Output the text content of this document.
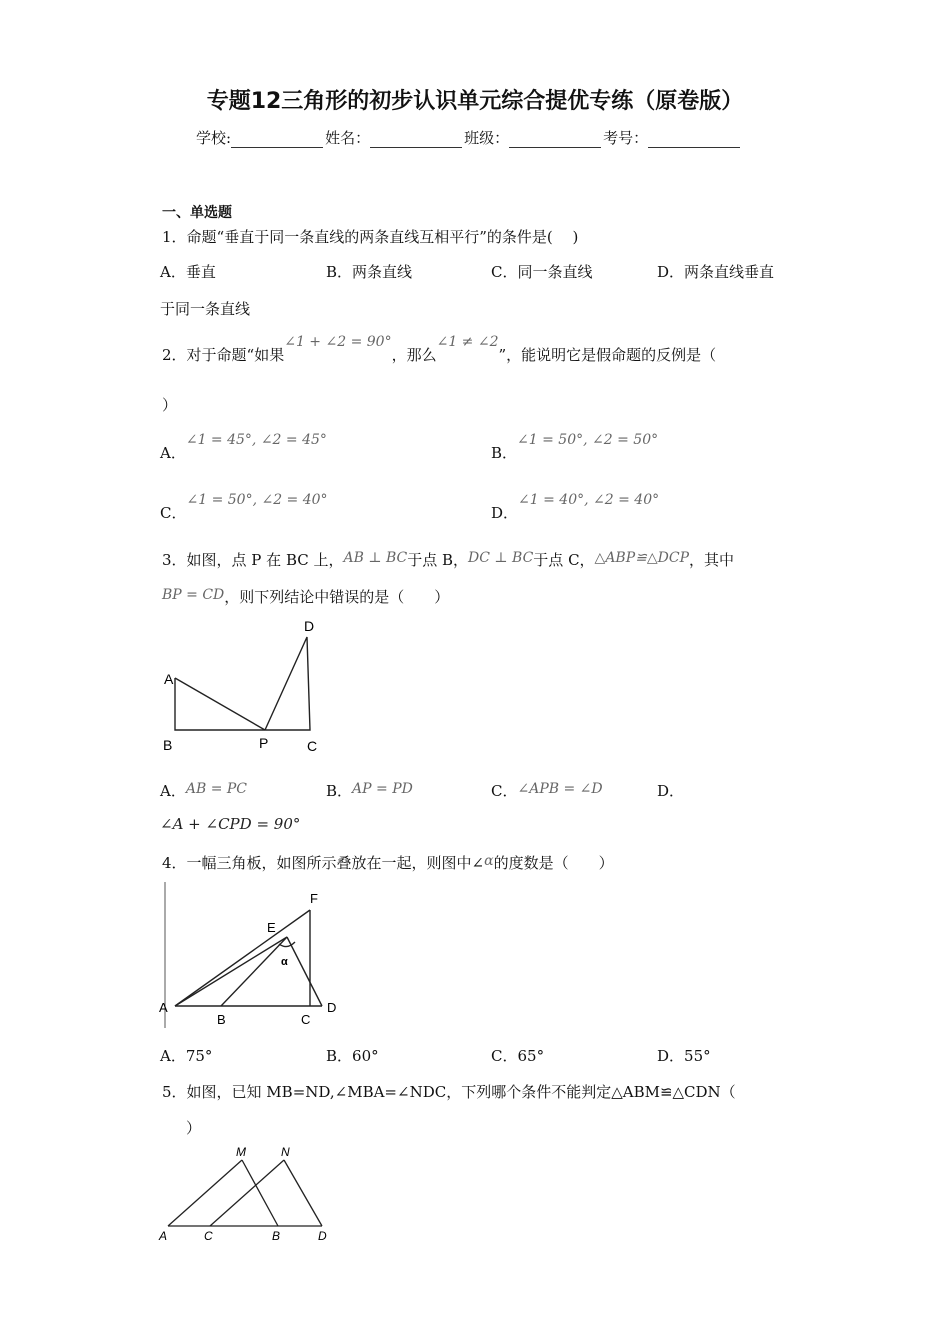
专题12三角形的初步认识单元综合提优专练（原卷版）
学校:	姓名：	班级：	考号：
一、单选题
1．命题“垂直于同一条直线的两条直线互相平行”的条件是(　 )
A．垂直	B．两条直线	C．同一条直线	D．两条直线垂直
于同一条直线
2．对于命题“如果∠1 + ∠2 = 90°，那么∠1 ≠ ∠2”，能说明它是假命题的反例是（
）
A．∠1 = 45°, ∠2 = 45°
B．∠1 = 50°, ∠2 = 50°
C．∠1 = 50°, ∠2 = 40°
D．∠1 = 40°, ∠2 = 40°
3．如图，点 P 在 BC 上，AB ⊥ BC于点 B，DC ⊥ BC于点 C，△ABP≌△DCP，其中
BP = CD，则下列结论中错误的是（　　）
A
B	P	C
D
A．AB = PC	B．AP = PD	C．∠APB = ∠D	D．
∠A + ∠CPD = 90°
4．一幅三角板，如图所示叠放在一起，则图中∠α的度数是（　　）
F
E
α
A
B	C
D
A．75°	B．60°	C．65°	D．55°
5．如图，已知 MB=ND,∠MBA=∠NDC，下列哪个条件不能判定△ABM≌△CDN（
）
M	N
A	C	B	D
